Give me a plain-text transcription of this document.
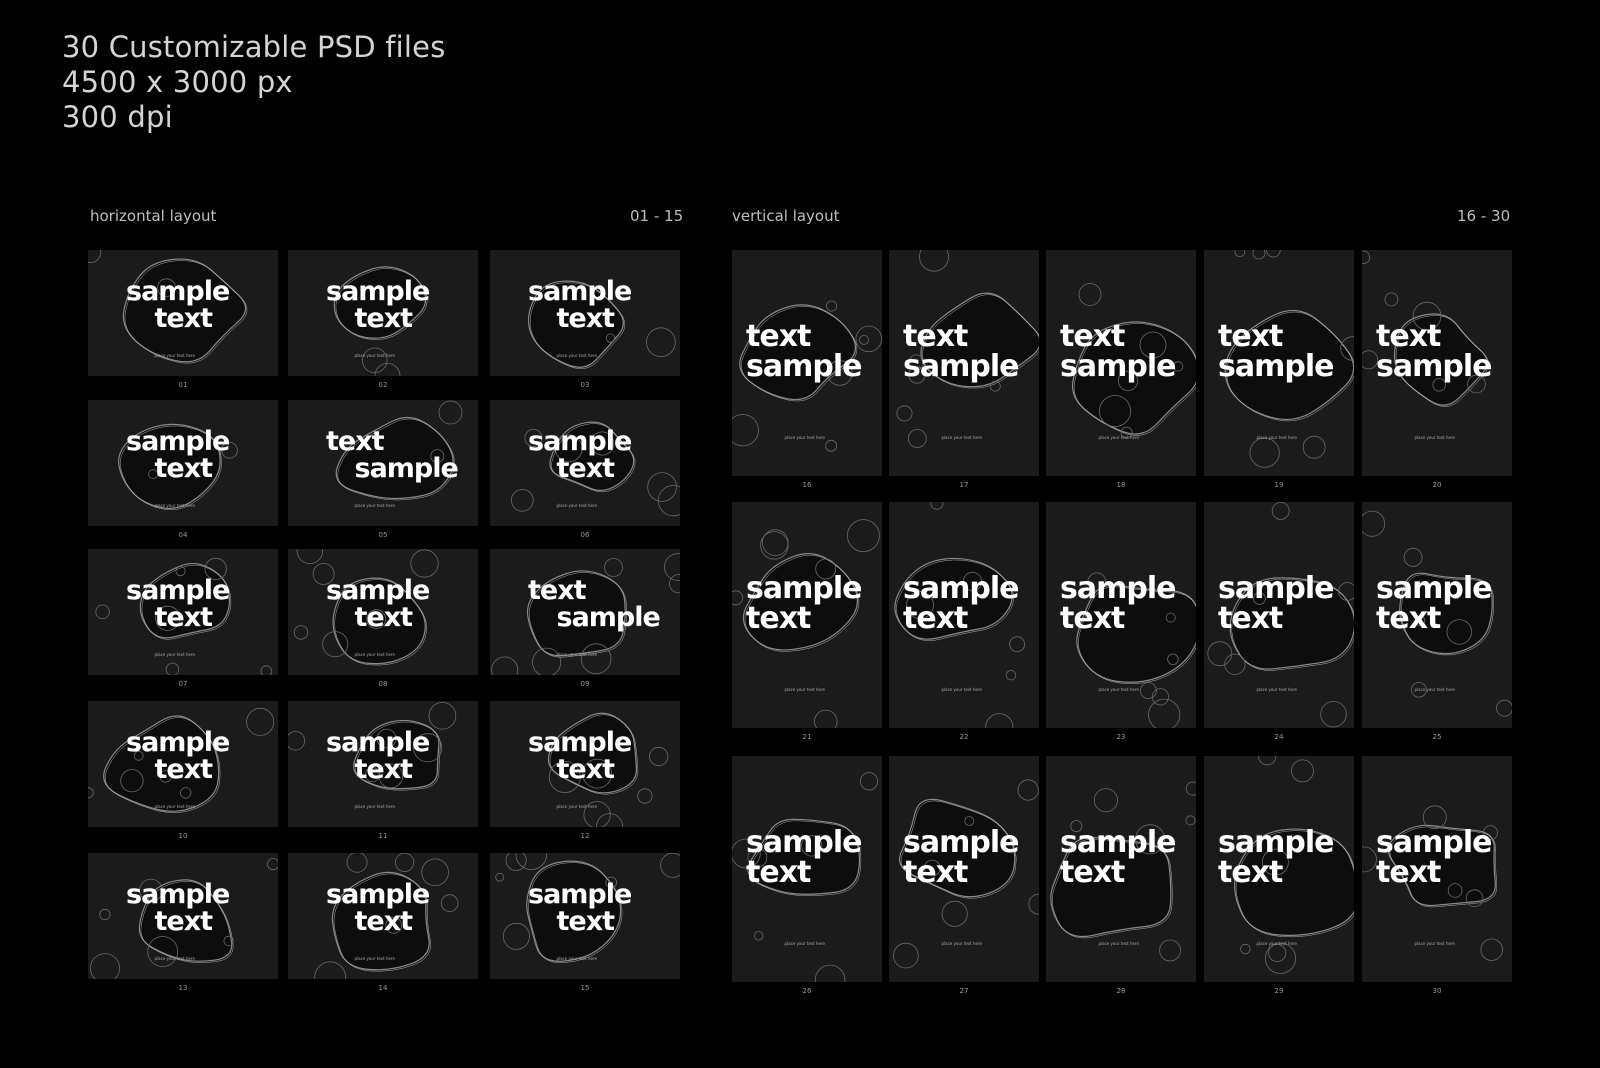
30 Customizable PSD files
4500 x 3000 px
300 dpi
horizontal layout	01 - 15	vertical layout	16 - 30
sample
text
place your text here
01
sample
text
place your text here
02
sample
text
place your text here
03
sample
text
place your text here
04
text
sample
place your text here
05
sample
text
place your text here
06
sample
text
place your text here
07
sample
text
place your text here
08
text
sample
place your text here
09
sample
text
place your text here
10
sample
text
place your text here
11
sample
text
place your text here
12
sample
text
place your text here
13
sample
text
place your text here
14
sample
text
place your text here
15
text
sample
place your text here
16
text
sample
place your text here
17
text
sample
place your text here
18
text
sample
place your text here
19
text
sample
place your text here
20
sample
text
place your text here
21
sample
text
place your text here
22
sample
text
place your text here
23
sample
text
place your text here
24
sample
text
place your text here
25
sample
text
place your text here
26
sample
text
place your text here
27
sample
text
place your text here
28
sample
text
place your text here
29
sample
text
place your text here
30
